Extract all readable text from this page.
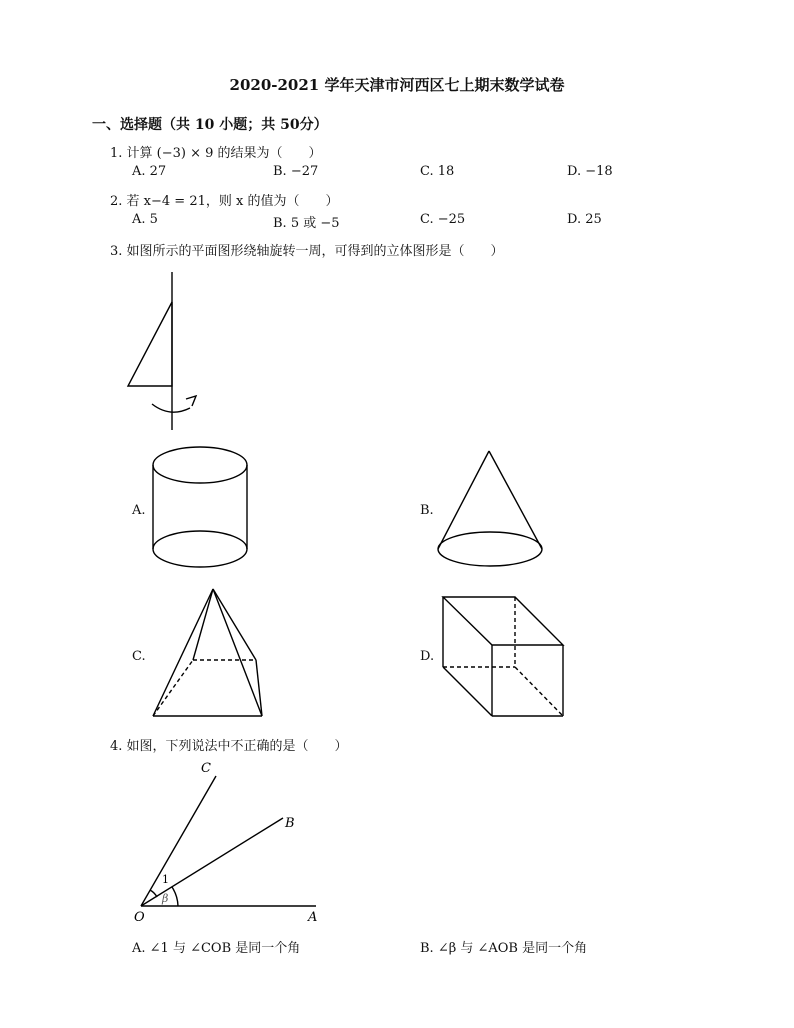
2020-2021 学年天津市河西区七上期末数学试卷
一、选择题（共 10 小题；共 50分）
1. 计算 (−3) × 9 的结果为（　　）
A. 27	B. −27	C. 18	D. −18
2. 若 x−4 = 21，则 x 的值为（　　）
A. 5	B. 5 或 −5	C. −25	D. 25
3. 如图所示的平面图形绕轴旋转一周，可得到的立体图形是（　　）
A.	B.
C.	D.
4. 如图，下列说法中不正确的是（　　）
C
B
O	A
1
β
A. ∠1 与 ∠COB 是同一个角	B. ∠β 与 ∠AOB 是同一个角
